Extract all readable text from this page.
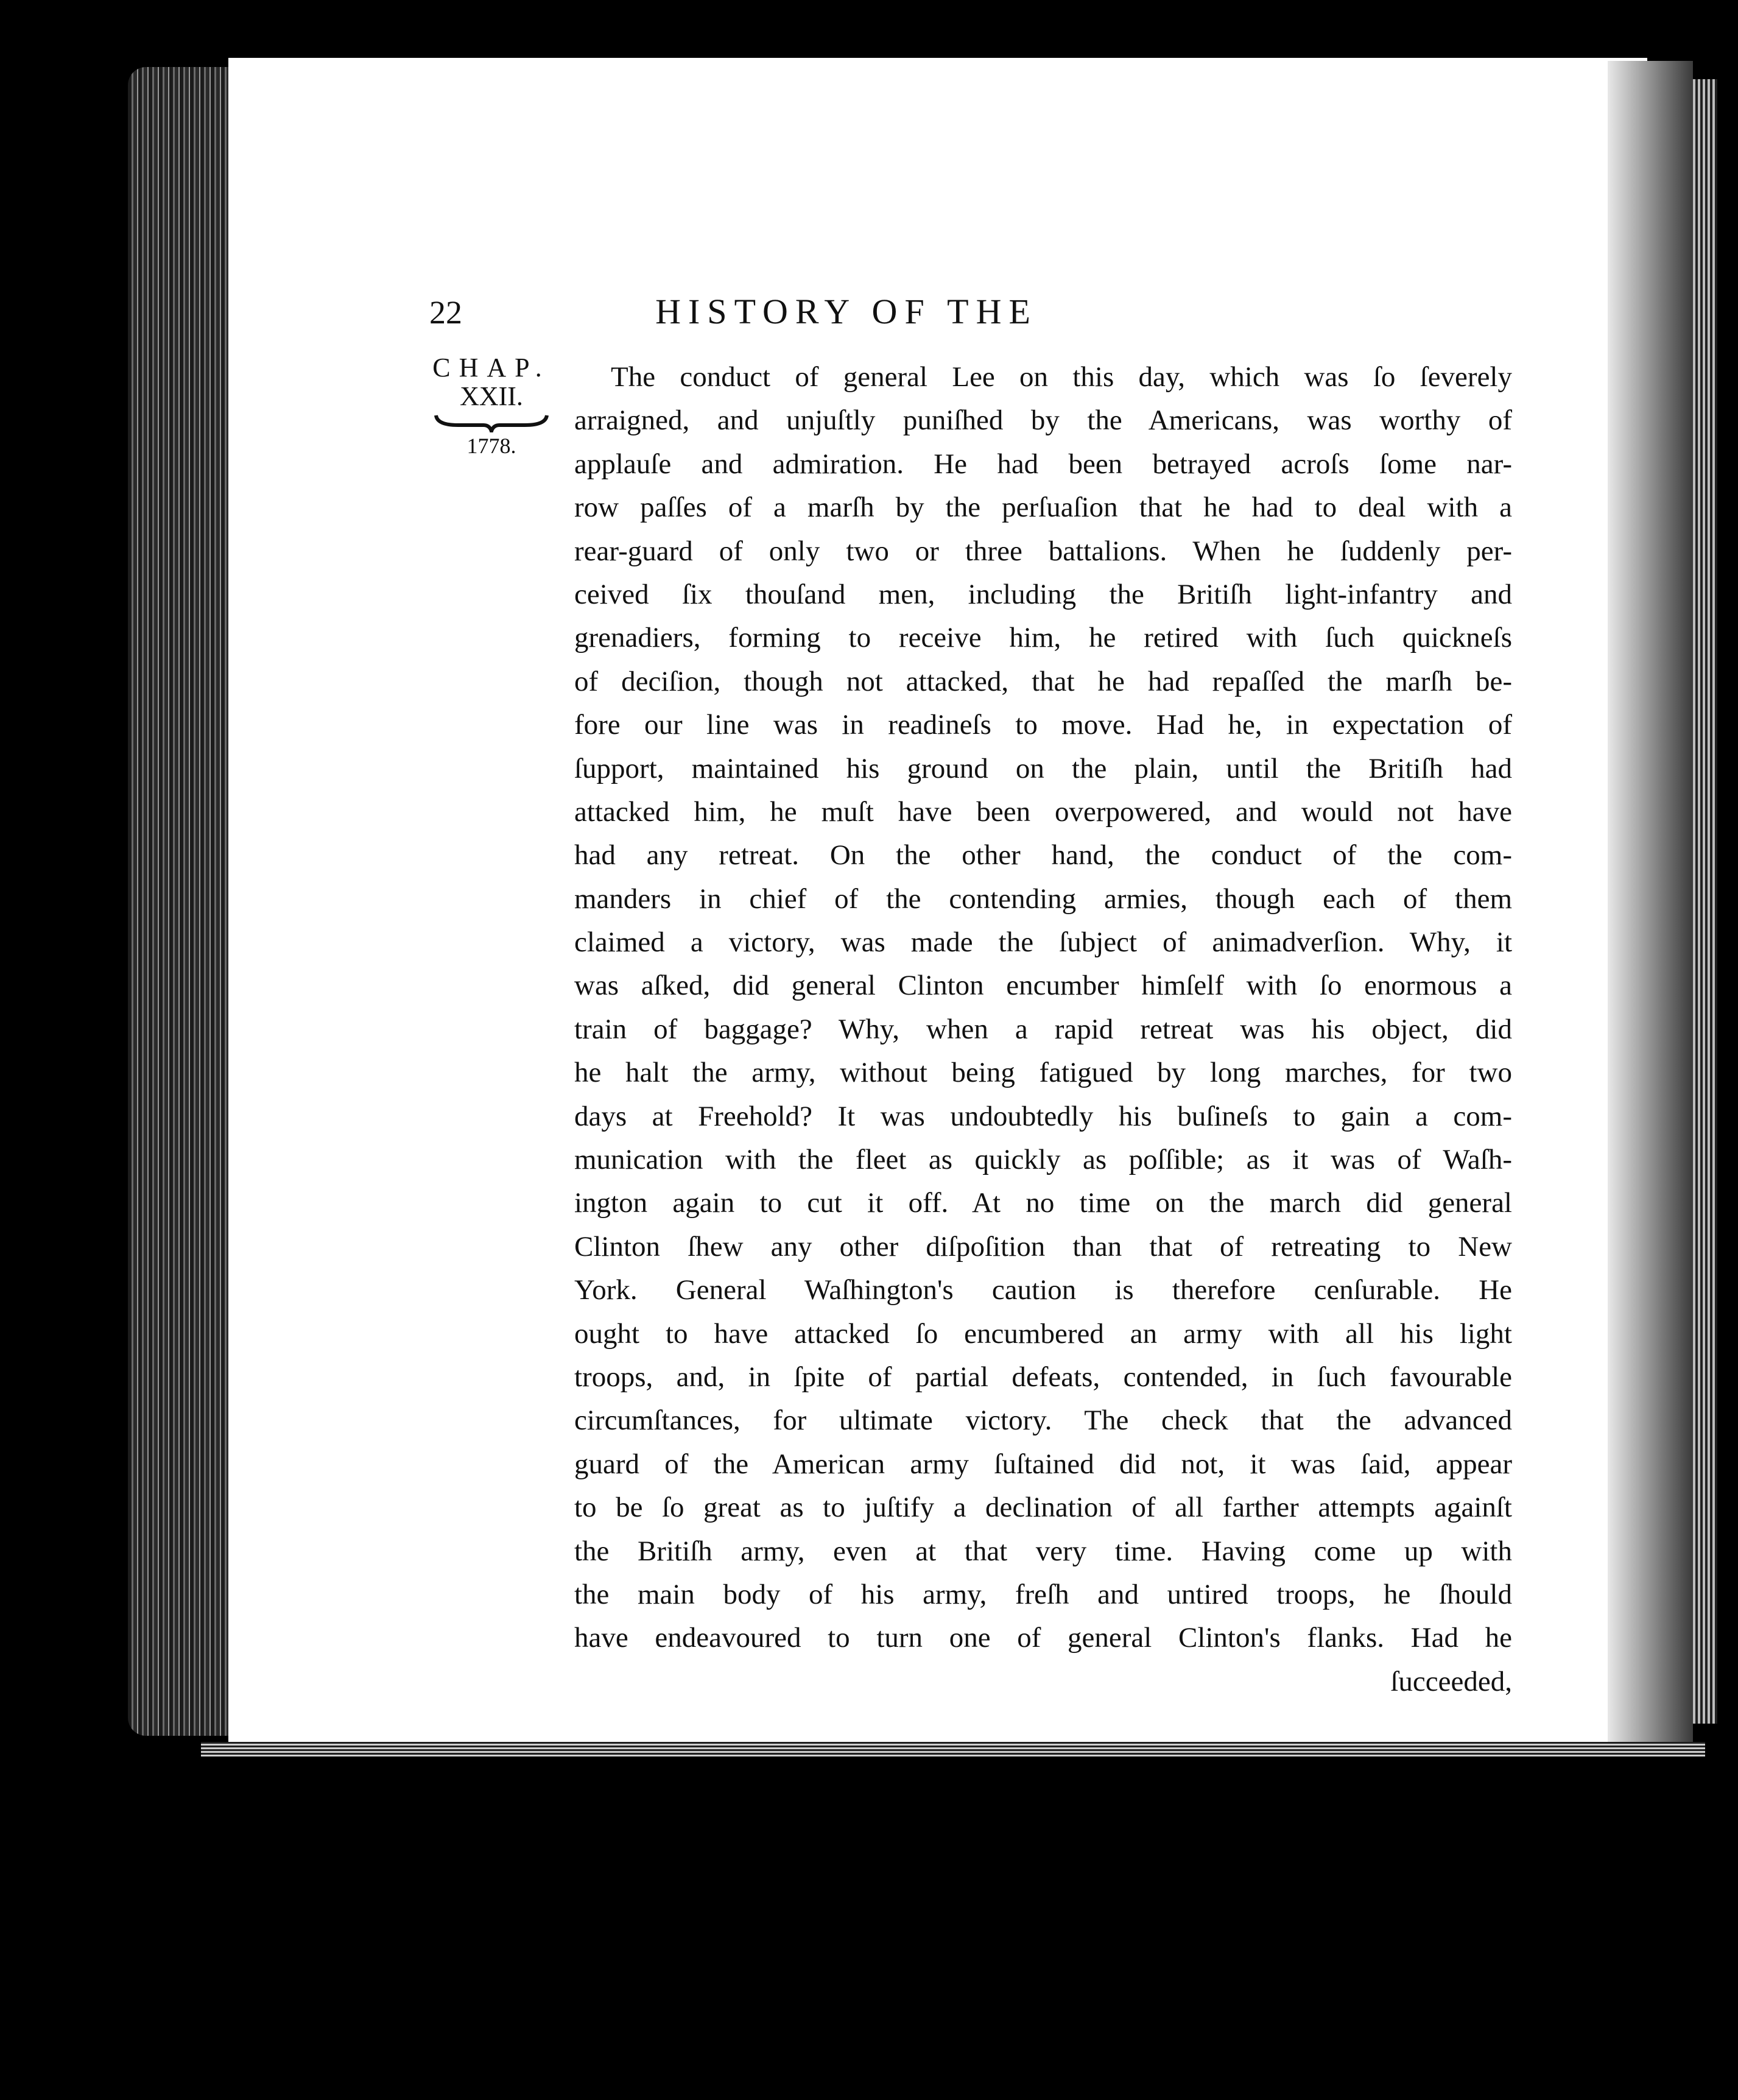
22	HISTORY OF THE
CHAP.
XXII.
1778.
The conduct of general Lee on this day, which was ſo ſeverely
arraigned, and unjuſtly puniſhed by the Americans, was worthy of
applauſe and admiration. He had been betrayed acroſs ſome nar-
row paſſes of a marſh by the perſuaſion that he had to deal with a
rear-guard of only two or three battalions. When he ſuddenly per-
ceived ſix thouſand men, including the Britiſh light-infantry and
grenadiers, forming to receive him, he retired with ſuch quickneſs
of deciſion, though not attacked, that he had repaſſed the marſh be-
fore our line was in readineſs to move. Had he, in expectation of
ſupport, maintained his ground on the plain, until the Britiſh had
attacked him, he muſt have been overpowered, and would not have
had any retreat. On the other hand, the conduct of the com-
manders in chief of the contending armies, though each of them
claimed a victory, was made the ſubject of animadverſion. Why, it
was aſked, did general Clinton encumber himſelf with ſo enormous a
train of baggage? Why, when a rapid retreat was his object, did
he halt the army, without being fatigued by long marches, for two
days at Freehold? It was undoubtedly his buſineſs to gain a com-
munication with the fleet as quickly as poſſible; as it was of Waſh-
ington again to cut it off. At no time on the march did general
Clinton ſhew any other diſpoſition than that of retreating to New
York. General Waſhington's caution is therefore cenſurable. He
ought to have attacked ſo encumbered an army with all his light
troops, and, in ſpite of partial defeats, contended, in ſuch favourable
circumſtances, for ultimate victory. The check that the advanced
guard of the American army ſuſtained did not, it was ſaid, appear
to be ſo great as to juſtify a declination of all farther attempts againſt
the Britiſh army, even at that very time. Having come up with
the main body of his army, freſh and untired troops, he ſhould
have endeavoured to turn one of general Clinton's flanks. Had he
ſucceeded,
